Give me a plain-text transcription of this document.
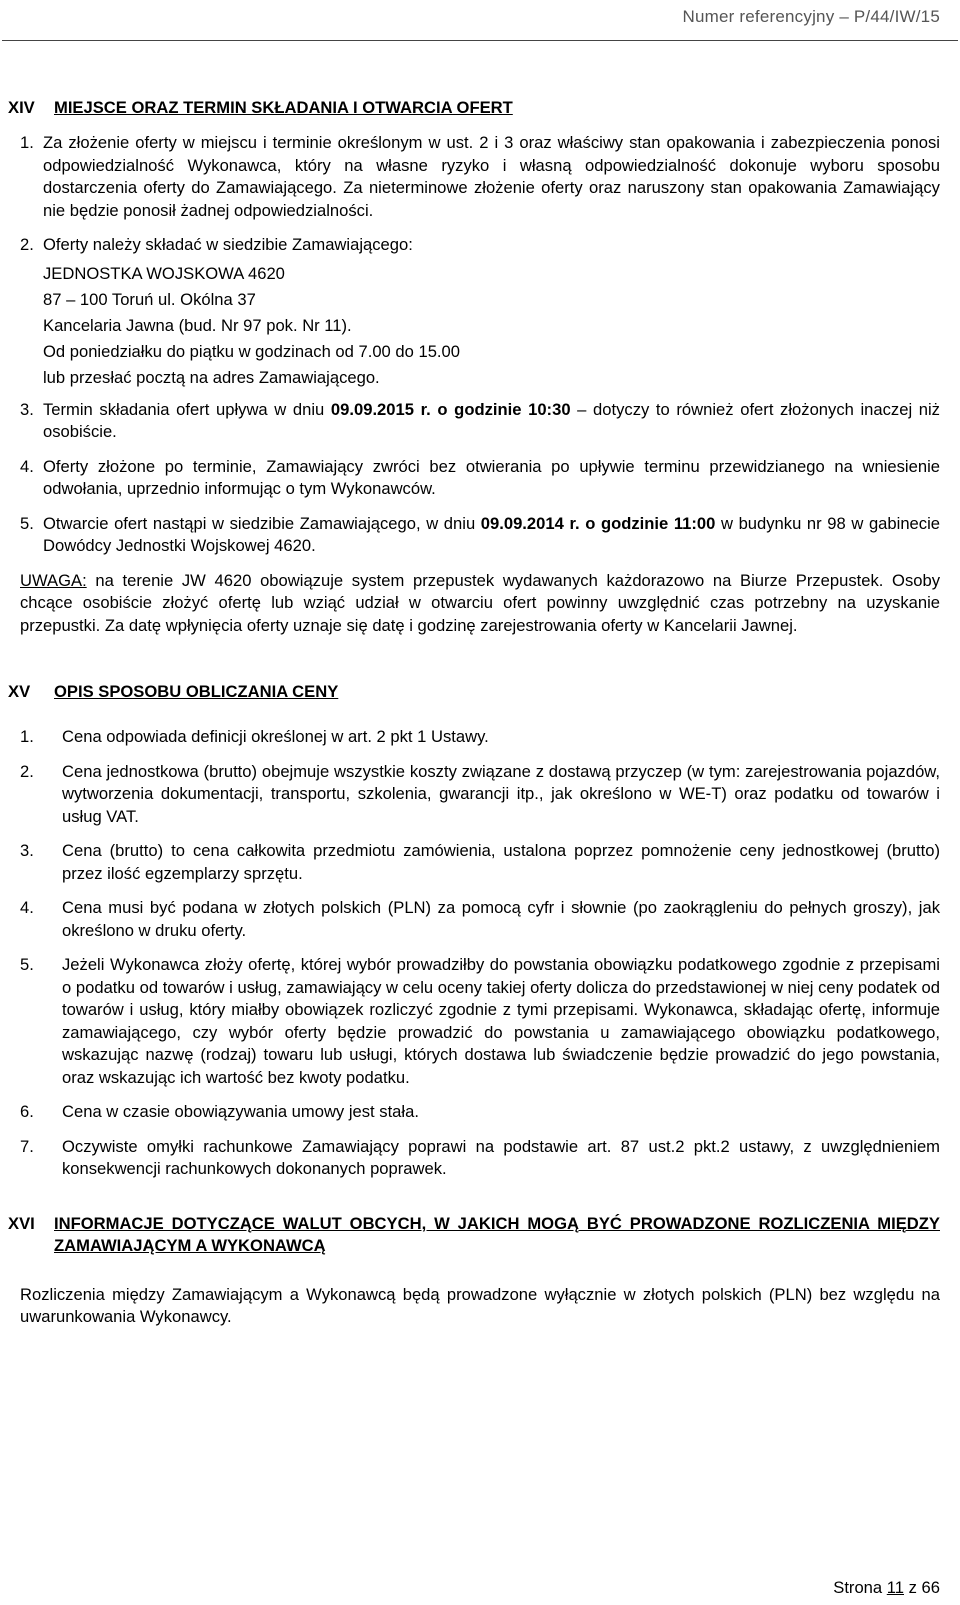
Numer referencyjny – P/44/IW/15
XIV MIEJSCE ORAZ TERMIN SKŁADANIA I OTWARCIA OFERT
1. Za złożenie oferty w miejscu i terminie określonym w ust. 2 i 3 oraz właściwy stan opakowania i zabezpieczenia ponosi odpowiedzialność Wykonawca, który na własne ryzyko i własną odpowiedzialność dokonuje wyboru sposobu dostarczenia oferty do Zamawiającego. Za nieterminowe złożenie oferty oraz naruszony stan opakowania Zamawiający nie będzie ponosił żadnej odpowiedzialności.
2. Oferty należy składać w siedzibie Zamawiającego:
JEDNOSTKA WOJSKOWA 4620
87 – 100 Toruń ul. Okólna 37
Kancelaria Jawna (bud. Nr 97 pok. Nr 11).
Od poniedziałku do piątku w godzinach od 7.00 do 15.00
lub przesłać pocztą na adres Zamawiającego.
3. Termin składania ofert upływa w dniu 09.09.2015 r. o godzinie 10:30 – dotyczy to również ofert złożonych inaczej niż osobiście.
4. Oferty złożone po terminie, Zamawiający zwróci bez otwierania po upływie terminu przewidzianego na wniesienie odwołania, uprzednio informując o tym Wykonawców.
5. Otwarcie ofert nastąpi w siedzibie Zamawiającego, w dniu 09.09.2014 r. o godzinie 11:00 w budynku nr 98 w gabinecie Dowódcy Jednostki Wojskowej 4620.
UWAGA: na terenie JW 4620 obowiązuje system przepustek wydawanych każdorazowo na Biurze Przepustek. Osoby chcące osobiście złożyć ofertę lub wziąć udział w otwarciu ofert powinny uwzględnić czas potrzebny na uzyskanie przepustki. Za datę wpłynięcia oferty uznaje się datę i godzinę zarejestrowania oferty w Kancelarii Jawnej.
XV OPIS SPOSOBU OBLICZANIA CENY
1. Cena odpowiada definicji określonej w art. 2 pkt 1 Ustawy.
2. Cena jednostkowa (brutto) obejmuje wszystkie koszty związane z dostawą przyczep (w tym: zarejestrowania pojazdów, wytworzenia dokumentacji, transportu, szkolenia, gwarancji itp., jak określono w WE-T) oraz podatku od towarów i usług VAT.
3. Cena (brutto) to cena całkowita przedmiotu zamówienia, ustalona poprzez pomnożenie ceny jednostkowej (brutto) przez ilość egzemplarzy sprzętu.
4. Cena musi być podana w złotych polskich (PLN) za pomocą cyfr i słownie (po zaokrągleniu do pełnych groszy), jak określono w druku oferty.
5. Jeżeli Wykonawca złoży ofertę, której wybór prowadziłby do powstania obowiązku podatkowego zgodnie z przepisami o podatku od towarów i usług, zamawiający w celu oceny takiej oferty dolicza do przedstawionej w niej ceny podatek od towarów i usług, który miałby obowiązek rozliczyć zgodnie z tymi przepisami. Wykonawca, składając ofertę, informuje zamawiającego, czy wybór oferty będzie prowadzić do powstania u zamawiającego obowiązku podatkowego, wskazując nazwę (rodzaj) towaru lub usługi, których dostawa lub świadczenie będzie prowadzić do jego powstania, oraz wskazując ich wartość bez kwoty podatku.
6. Cena w czasie obowiązywania umowy jest stała.
7. Oczywiste omyłki rachunkowe Zamawiający poprawi na podstawie art. 87 ust.2 pkt.2 ustawy, z uwzględnieniem konsekwencji rachunkowych dokonanych poprawek.
XVI INFORMACJE DOTYCZĄCE WALUT OBCYCH, W JAKICH MOGĄ BYĆ PROWADZONE ROZLICZENIA MIĘDZY ZAMAWIAJĄCYM A WYKONAWCĄ
Rozliczenia między Zamawiającym a Wykonawcą będą prowadzone wyłącznie w złotych polskich (PLN) bez względu na uwarunkowania Wykonawcy.
Strona 11 z 66
